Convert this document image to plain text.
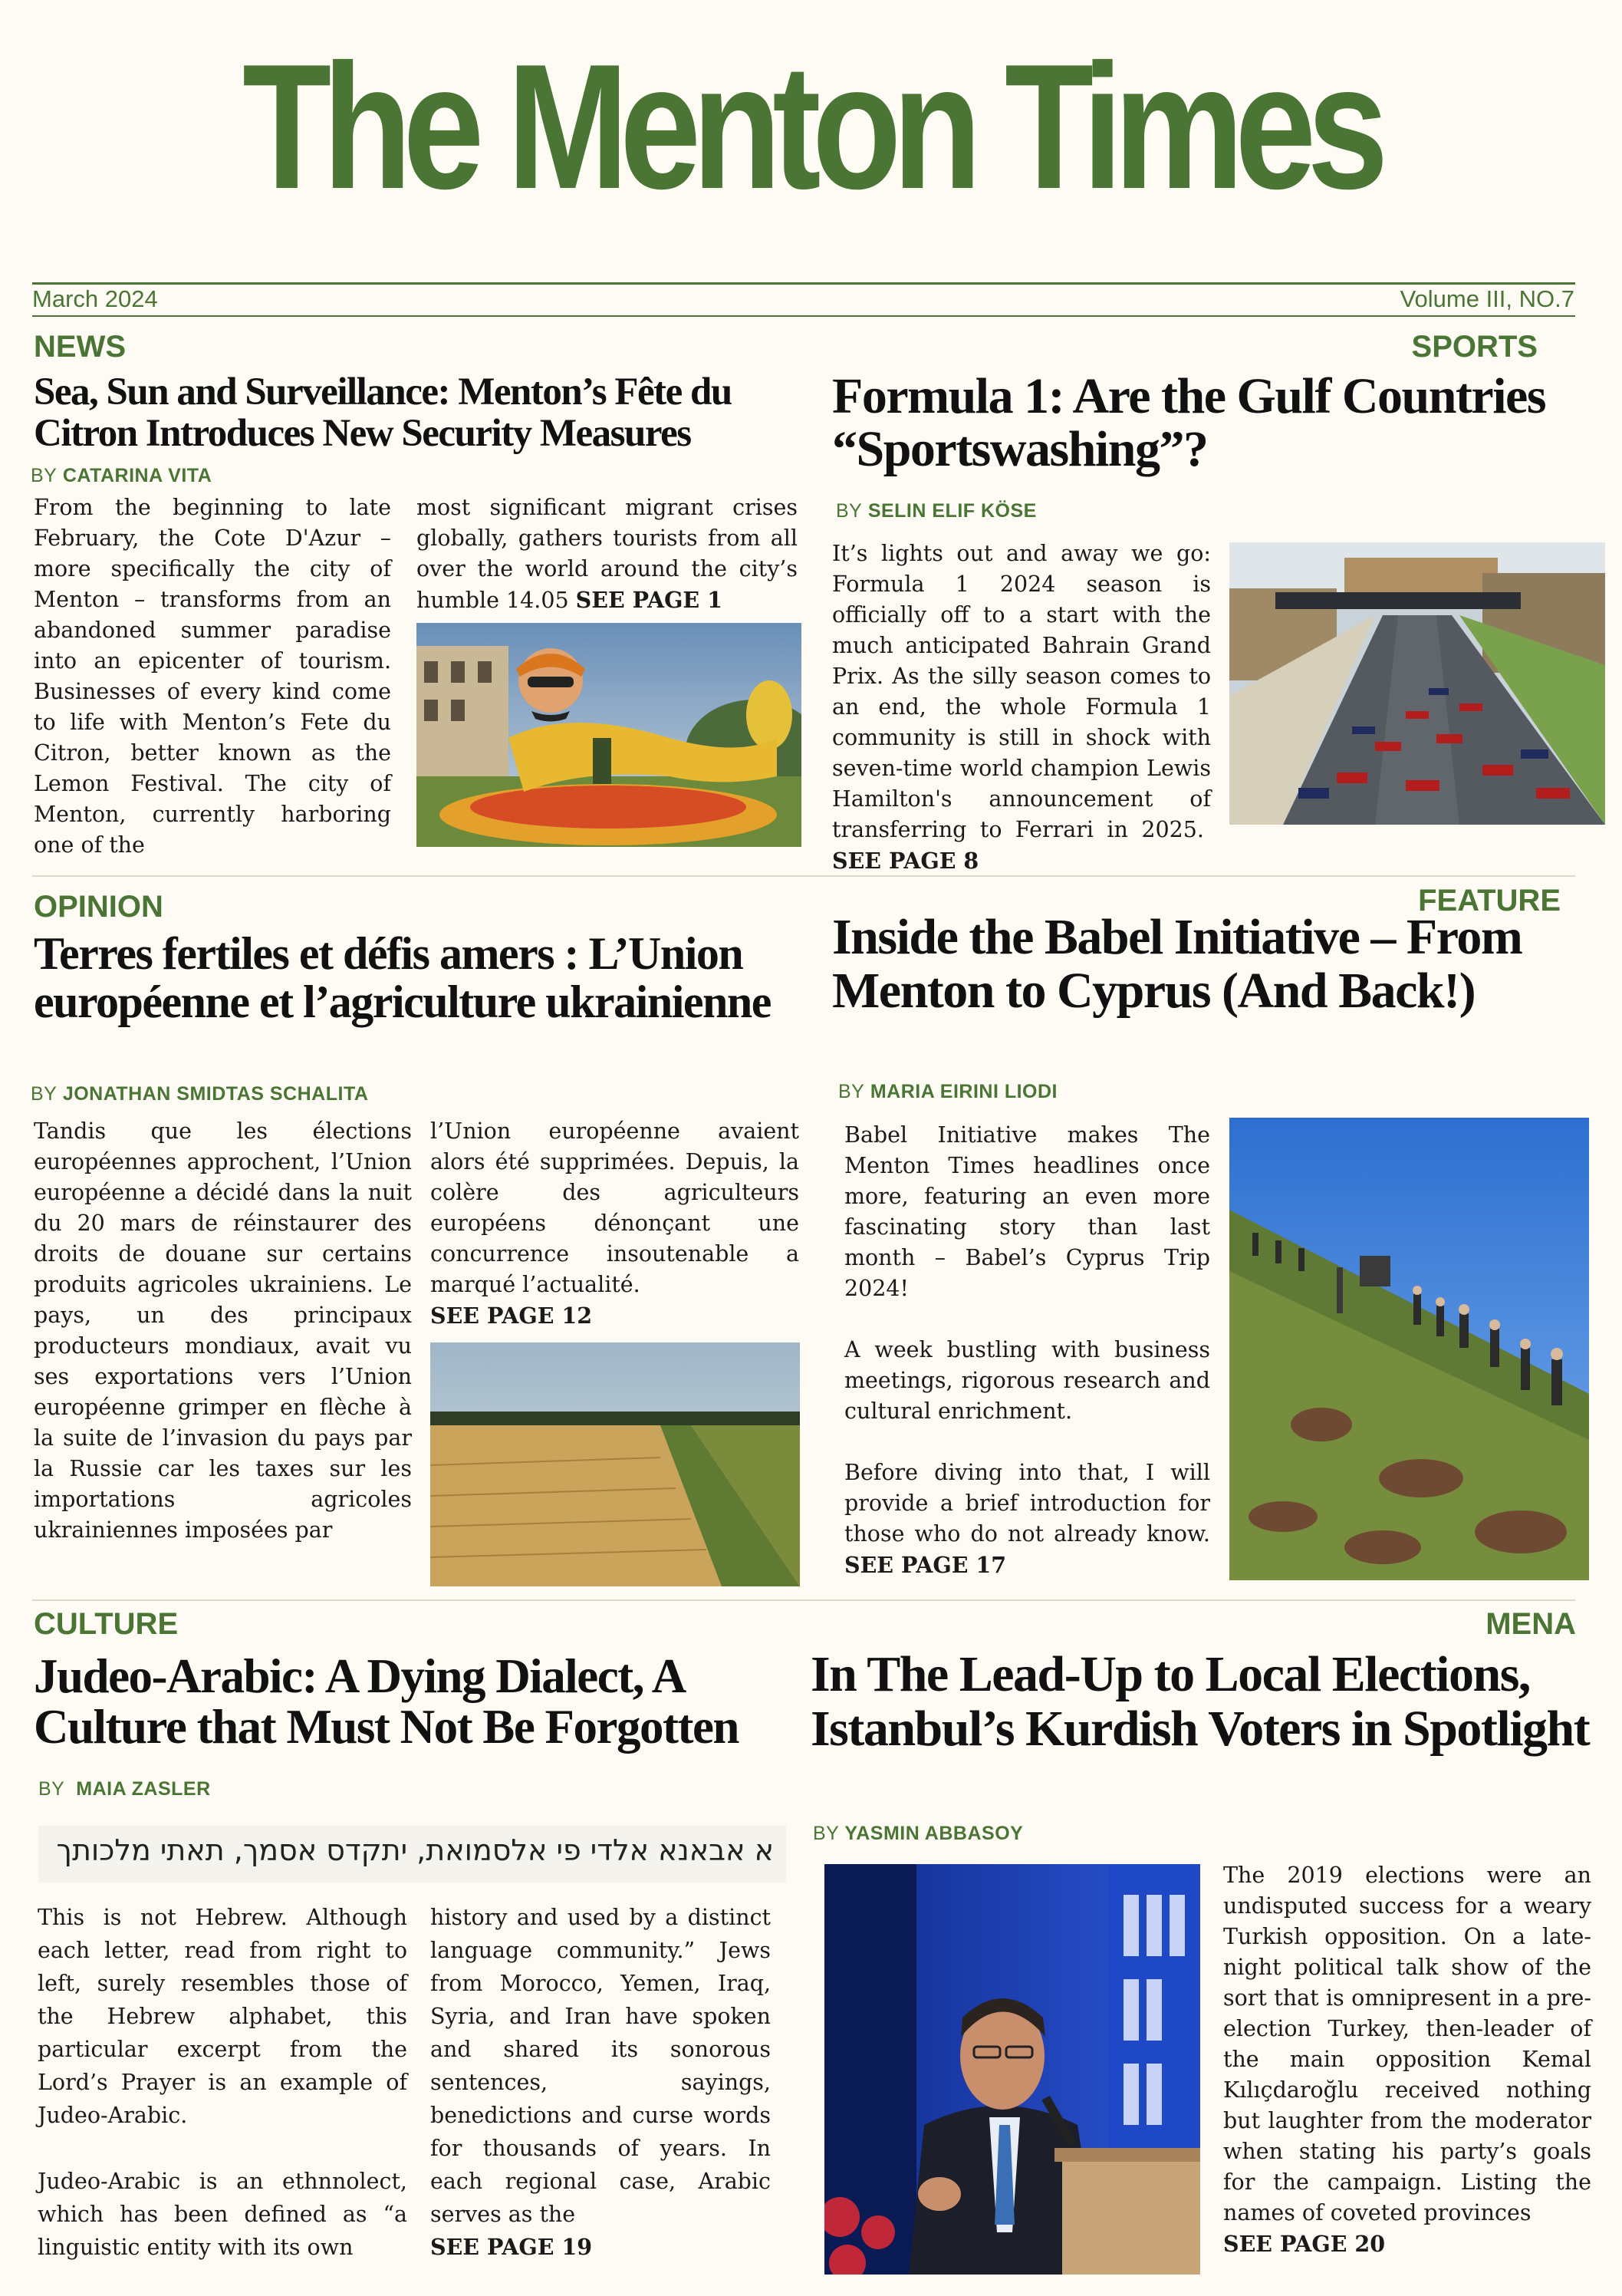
The Menton Times
March 2024	Volume III, NO.7
NEWS
Sea, Sun and Surveillance: Menton’s Fête du Citron Introduces New Security Measures
BY CATARINA VITA
From the beginning to late February, the Cote D'Azur – more specifically the city of Menton – transforms from an abandoned summer paradise into an epicenter of tourism. Businesses of every kind come to life with Menton’s Fete du Citron, better known as the Lemon Festival. The city of Menton, currently harboring one of the
most significant migrant crises globally, gathers tourists from all over the world around the city’s humble 14.05 SEE PAGE 1
SPORTS
Formula 1: Are the Gulf Countries “Sportswashing”?
BY SELIN ELIF KÖSE
It’s lights out and away we go: Formula 1 2024 season is officially off to a start with the much anticipated Bahrain Grand Prix. As the silly season comes to an end, the whole Formula 1 community is still in shock with seven-time world champion Lewis Hamilton's announcement of transferring to Ferrari in 2025.  SEE PAGE 8
OPINION
Terres fertiles et défis amers : L’Union européenne et l’agriculture ukrainienne
BY JONATHAN SMIDTAS SCHALITA
Tandis que les élections européennes approchent, l’Union européenne a décidé dans la nuit du 20 mars de réinstaurer des droits de douane sur certains produits agricoles ukrainiens. Le pays, un des principaux producteurs mondiaux, avait vu ses exportations vers l’Union européenne grimper en flèche à la suite de l’invasion du pays par la Russie car les taxes sur les importations agricoles ukrainiennes imposées par
l’Union européenne avaient alors été supprimées. Depuis, la colère des agriculteurs européens dénonçant une concurrence insoutenable a marqué l’actualité.
SEE PAGE 12
FEATURE
Inside the Babel Initiative – From Menton to Cyprus (And Back!)
BY MARIA EIRINI LIODI
Babel Initiative makes The Menton Times headlines once more, featuring an even more fascinating story than last month – Babel’s Cyprus Trip 2024!
A week bustling with business meetings, rigorous research and cultural enrichment.
Before diving into that, I will provide a brief introduction for those who do not already know. SEE PAGE 17
CULTURE
Judeo-Arabic: A Dying Dialect, A Culture that Must Not Be Forgotten
BY MAIA ZASLER
א אבאנא אלדי פי אלסמואת, יתקדס אסמך, תאתי מלכותך
This is not Hebrew. Although each letter, read from right to left, surely resembles those of the Hebrew alphabet, this particular excerpt from the Lord’s Prayer is an example of Judeo-Arabic.
Judeo-Arabic is an ethnnolect, which has been defined as “a linguistic entity with its own
history and used by a distinct language community.” Jews from Morocco, Yemen, Iraq, Syria, and Iran have spoken and shared its sonorous sentences, sayings, benedictions and curse words for thousands of years. In each regional case, Arabic serves as the
SEE PAGE 19
MENA
In The Lead-Up to Local Elections, Istanbul’s Kurdish Voters in Spotlight
BY YASMIN ABBASOY
The 2019 elections were an undisputed success for a weary Turkish opposition. On a late-night political talk show of the sort that is omnipresent in a pre-election Turkey, then-leader of the main opposition Kemal Kılıçdaroğlu received nothing but laughter from the moderator when stating his party’s goals for the campaign. Listing the names of coveted provinces
SEE PAGE 20
